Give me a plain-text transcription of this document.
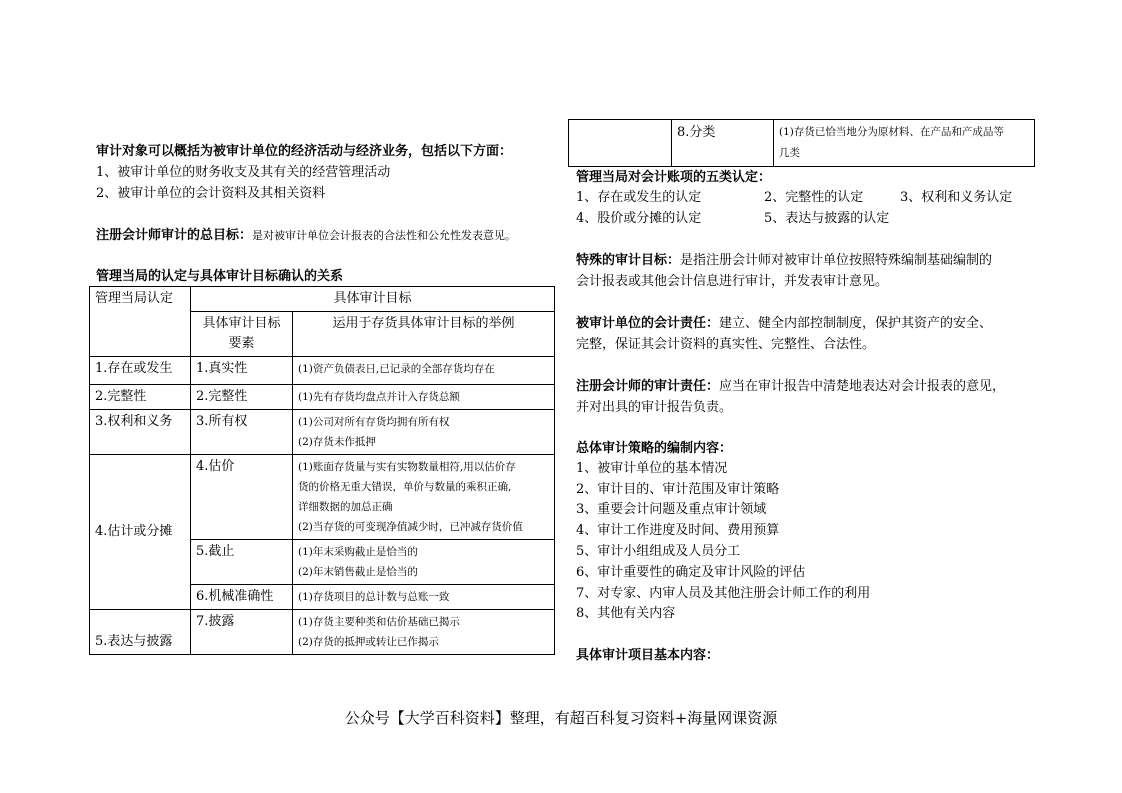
审计对象可以概括为被审计单位的经济活动与经济业务，包括以下方面：
1、被审计单位的财务收支及其有关的经营管理活动
2、被审计单位的会计资料及其相关资料
注册会计师审计的总目标：是对被审计单位会计报表的合法性和公允性发表意见。
管理当局的认定与具体审计目标确认的关系
管理当局认定	具体审计目标	

	具体审计目标
要素	运用于存货具体审计目标的举例
1.存在或发生	1.真实性	(1)资产负债表日,已记录的全部存货均存在
2.完整性	2.完整性	(1)先有存货均盘点并计入存货总额
3.权利和义务	3.所有权	(1)公司对所有存货均拥有所有权
(2)存货未作抵押

4.估计或分摊	4.估价	(1)账面存货量与实有实物数量相符,用以估价存
货的价格无重大错误，单价与数量的乘积正确,
详细数据的加总正确
(2)当存货的可变现净值减少时，已冲减存货价值

	5.截止	(1)年末采购截止是恰当的
(2)年末销售截止是恰当的

	6.机械准确性	(1)存货项目的总计数与总账一致
5.表达与披露	7.披露	(1)存货主要种类和估价基础已揭示
(2)存货的抵押或转让已作揭示
	8.分类	(1)存货已恰当地分为原材料、在产品和产成品等
几类
管理当局对会计账项的五类认定：
1、存在或发生的认定	2、完整性的认定	3、权利和义务认定
4、股价或分摊的认定	5、表达与披露的认定
特殊的审计目标：是指注册会计师对被审计单位按照特殊编制基础编制的
会计报表或其他会计信息进行审计，并发表审计意见。
被审计单位的会计责任：建立、健全内部控制制度，保护其资产的安全、
完整，保证其会计资料的真实性、完整性、合法性。
注册会计师的审计责任：应当在审计报告中清楚地表达对会计报表的意见，
并对出具的审计报告负责。
总体审计策略的编制内容：
1、被审计单位的基本情况
2、审计目的、审计范围及审计策略
3、重要会计问题及重点审计领域
4、审计工作进度及时间、费用预算
5、审计小组组成及人员分工
6、审计重要性的确定及审计风险的评估
7、对专家、内审人员及其他注册会计师工作的利用
8、其他有关内容
具体审计项目基本内容：
公众号【大学百科资料】整理，有超百科复习资料+海量网课资源
